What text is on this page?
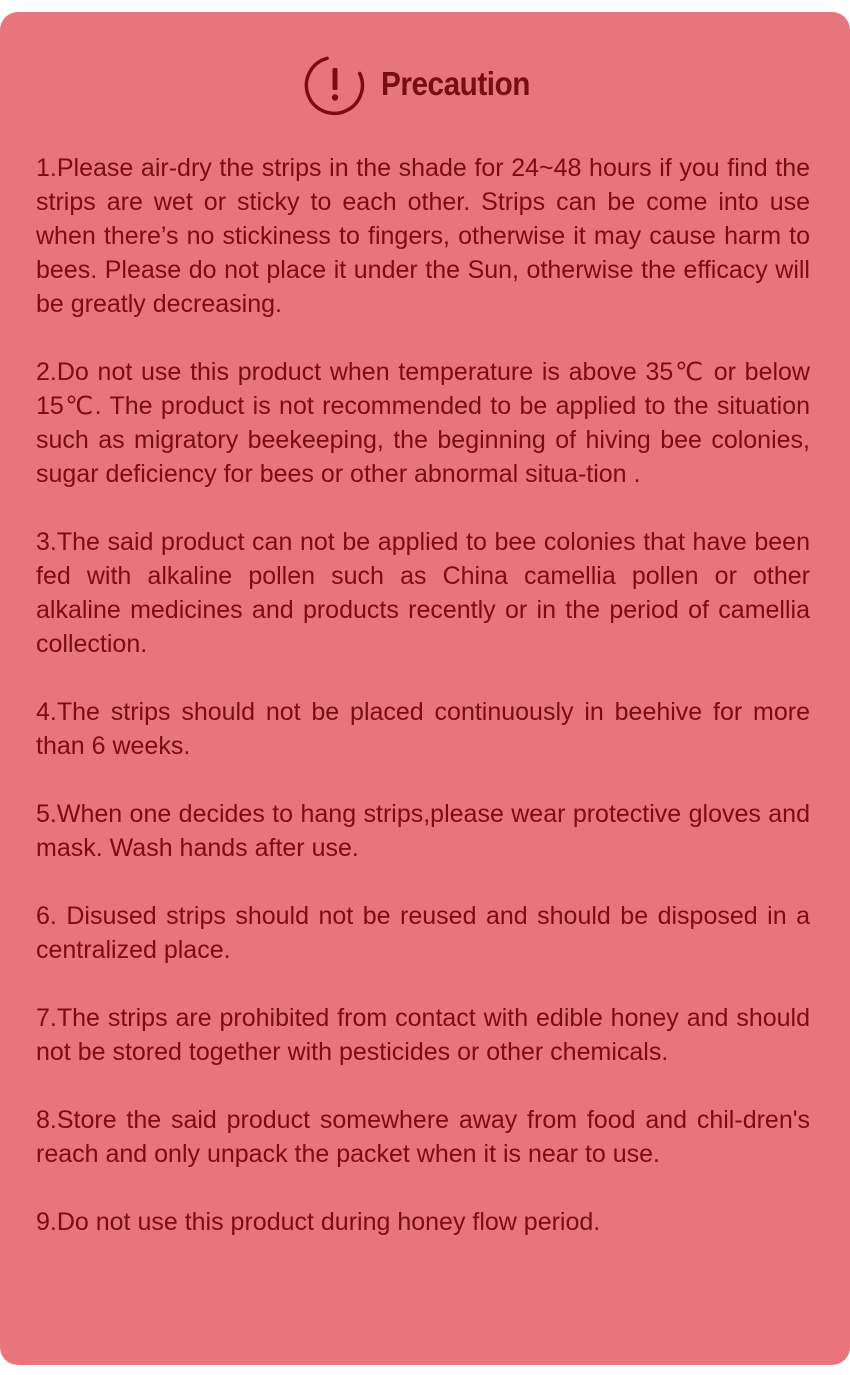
Precaution

1.Please air-dry the strips in the shade for 24~48 hours if you find the strips are wet or sticky to each other. Strips can be come into use when there’s no stickiness to fingers, otherwise it may cause harm to bees. Please do not place it under the Sun, otherwise the efficacy will be greatly decreasing.

2.Do not use this product when temperature is above 35℃ or below 15℃. The product is not recommended to be applied to the situation such as migratory beekeeping, the beginning of hiving bee colonies, sugar deficiency for bees or other abnormal situa-tion .

3.The said product can not be applied to bee colonies that have been fed with alkaline pollen such as China camellia pollen or other alkaline medicines and products recently or in the period of camellia collection.

4.The strips should not be placed continuously in beehive for more than 6 weeks.

5.When one decides to hang strips,please wear protective gloves and mask. Wash hands after use.

6. Disused strips should not be reused and should be disposed in a centralized place.

7.The strips are prohibited from contact with edible honey and should not be stored together with pesticides or other chemicals.

8.Store the said product somewhere away from food and chil-dren's reach and only unpack the packet when it is near to use.

9.Do not use this product during honey flow period.
